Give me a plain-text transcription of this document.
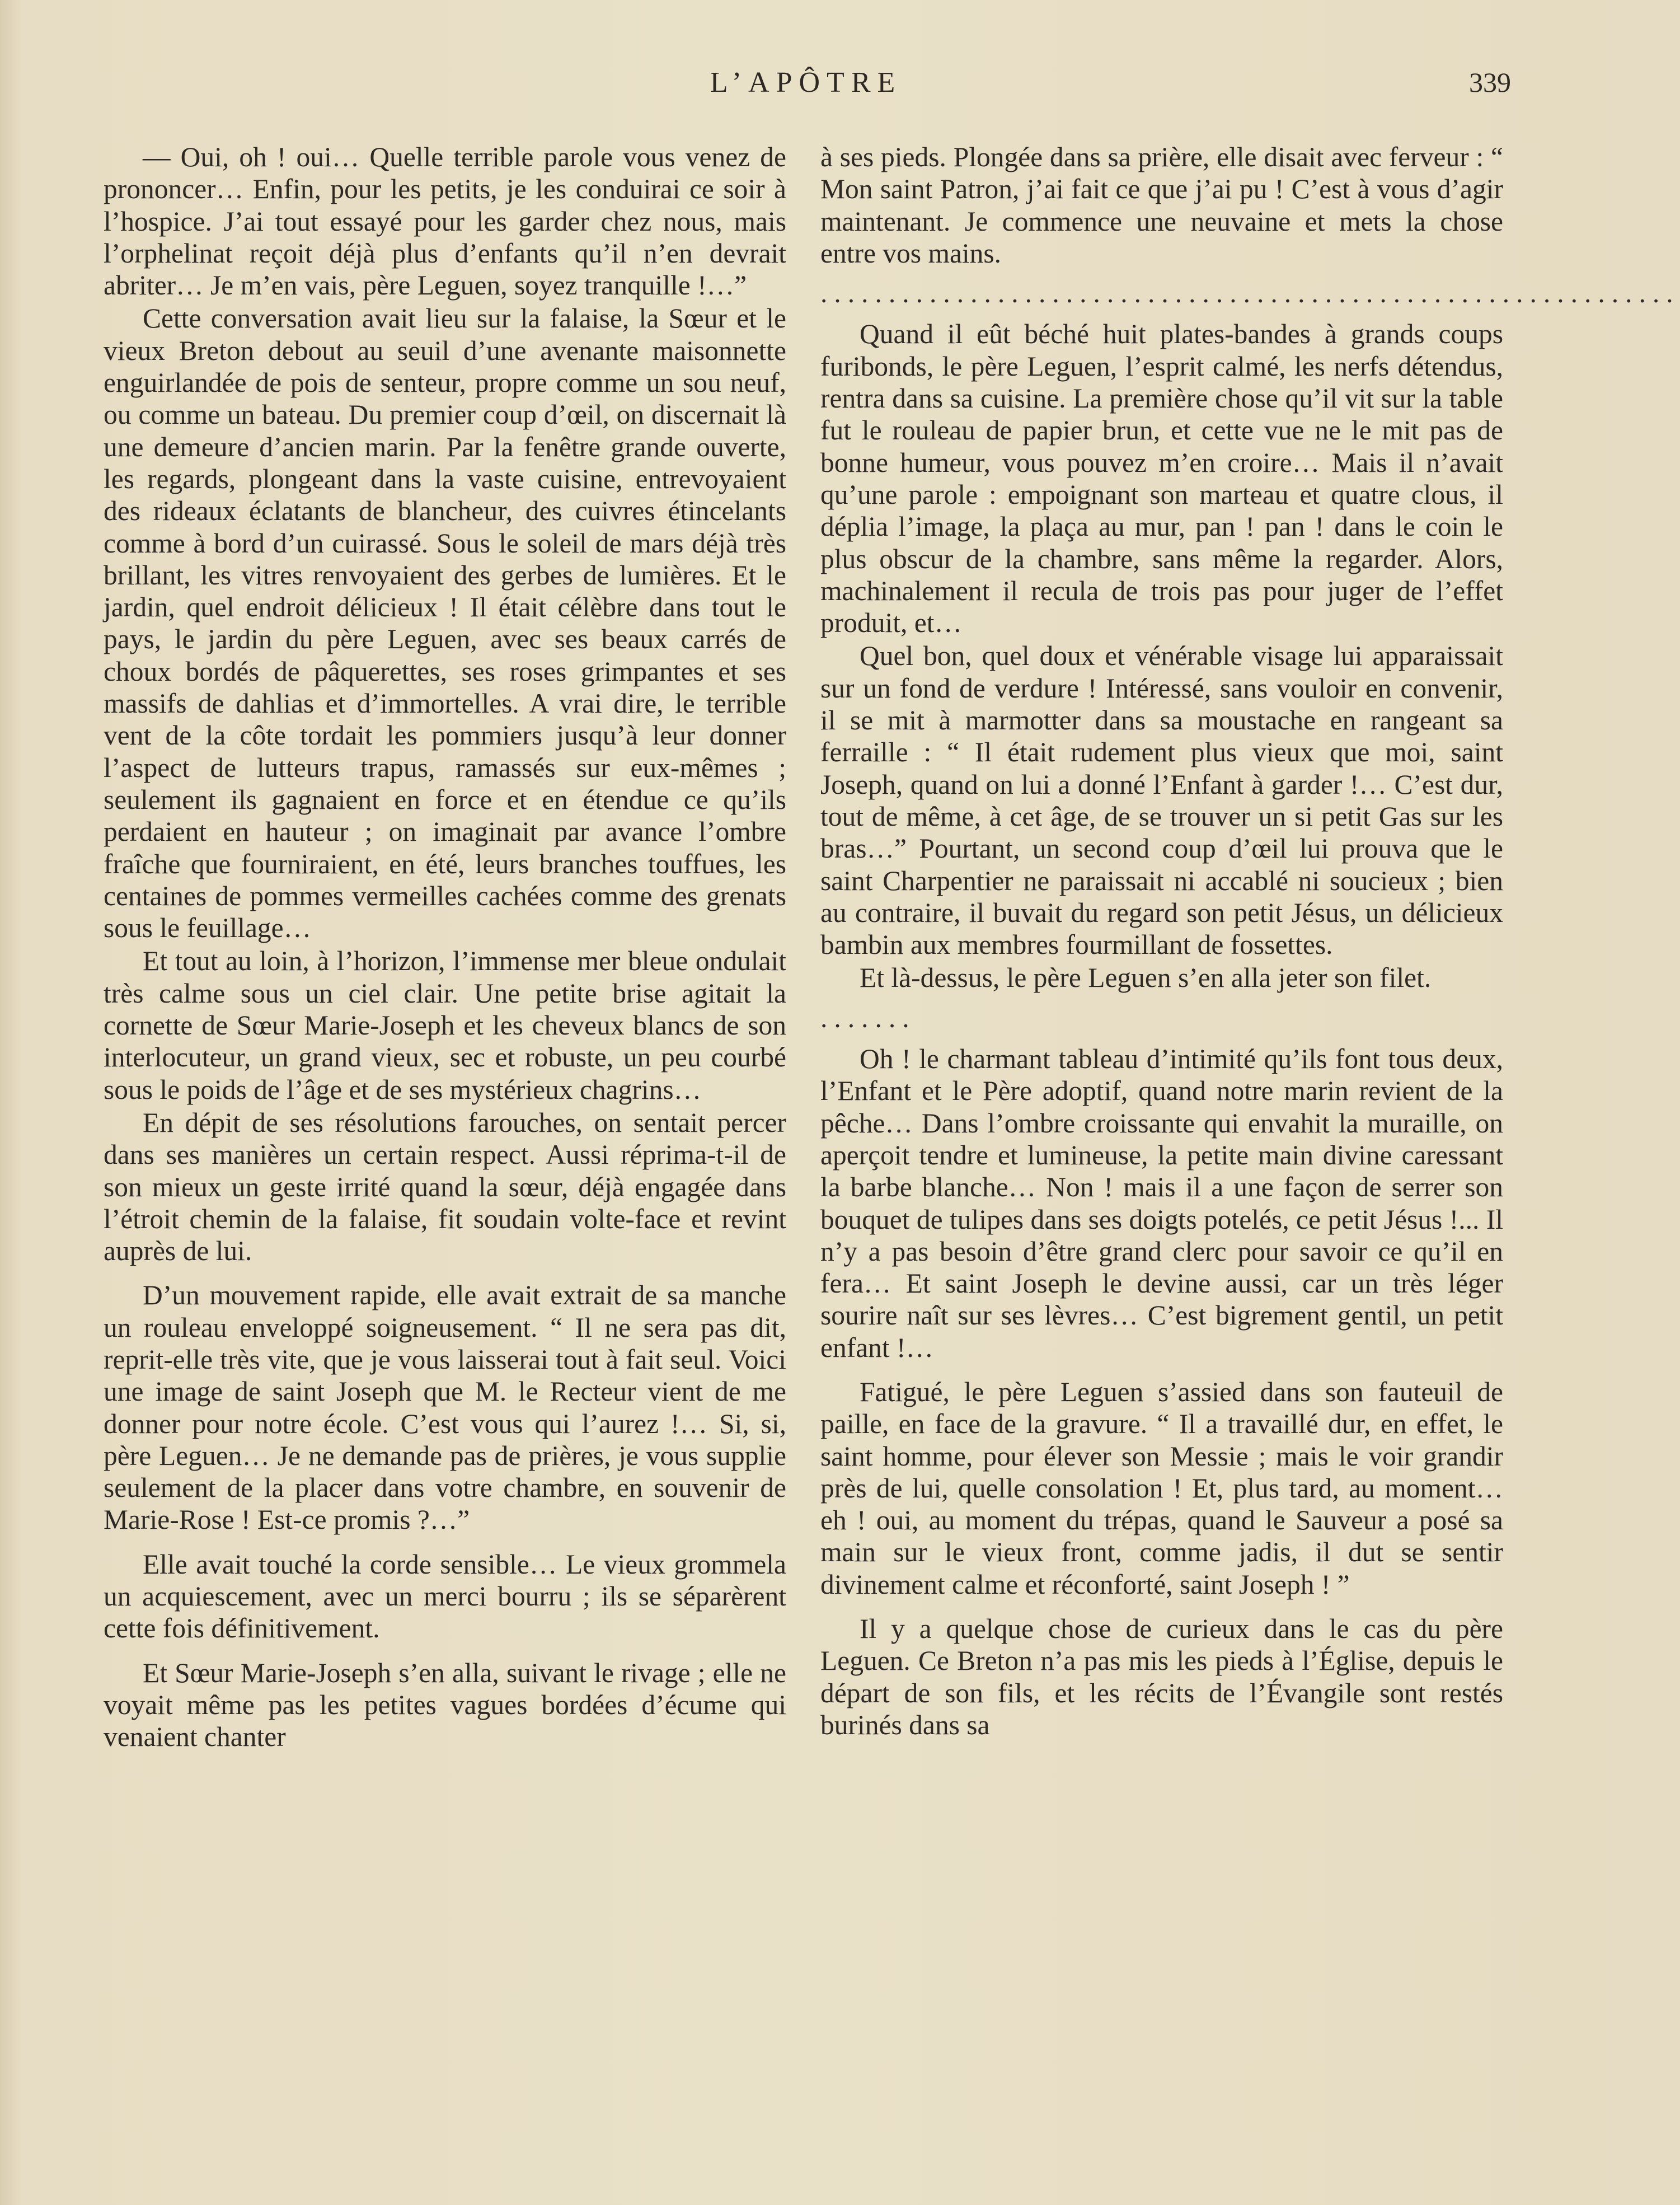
L’APÔTRE	339

— Oui, oh ! oui… Quelle terrible parole vous venez de prononcer… Enfin, pour les petits, je les conduirai ce soir à l’hospice. J’ai tout essayé pour les garder chez nous, mais l’orphelinat reçoit déjà plus d’enfants qu’il n’en devrait abriter… Je m’en vais, père Leguen, soyez tranquille !…”

Cette conversation avait lieu sur la falaise, la Sœur et le vieux Breton debout au seuil d’une avenante maisonnette enguirlandée de pois de senteur, propre comme un sou neuf, ou comme un bateau. Du premier coup d’œil, on discernait là une demeure d’ancien marin. Par la fenêtre grande ouverte, les regards, plongeant dans la vaste cuisine, entrevoyaient des rideaux éclatants de blancheur, des cuivres étincelants comme à bord d’un cuirassé. Sous le soleil de mars déjà très brillant, les vitres renvoyaient des gerbes de lumières. Et le jardin, quel endroit délicieux ! Il était célèbre dans tout le pays, le jardin du père Leguen, avec ses beaux carrés de choux bordés de pâquerettes, ses roses grimpantes et ses massifs de dahlias et d’immortelles. A vrai dire, le terrible vent de la côte tordait les pommiers jusqu’à leur donner l’aspect de lutteurs trapus, ramassés sur eux-mêmes ; seulement ils gagnaient en force et en étendue ce qu’ils perdaient en hauteur ; on imaginait par avance l’ombre fraîche que fourniraient, en été, leurs branches touffues, les centaines de pommes vermeilles cachées comme des grenats sous le feuillage…

Et tout au loin, à l’horizon, l’immense mer bleue ondulait très calme sous un ciel clair. Une petite brise agitait la cornette de Sœur Marie-Joseph et les cheveux blancs de son interlocuteur, un grand vieux, sec et robuste, un peu courbé sous le poids de l’âge et de ses mystérieux chagrins…

En dépit de ses résolutions farouches, on sentait percer dans ses manières un certain respect. Aussi réprima-t-il de son mieux un geste irrité quand la sœur, déjà engagée dans l’étroit chemin de la falaise, fit soudain volte-face et revint auprès de lui.

D’un mouvement rapide, elle avait extrait de sa manche un rouleau enveloppé soigneusement. “ Il ne sera pas dit, reprit-elle très vite, que je vous laisserai tout à fait seul. Voici une image de saint Joseph que M. le Recteur vient de me donner pour notre école. C’est vous qui l’aurez !… Si, si, père Leguen… Je ne demande pas de prières, je vous supplie seulement de la placer dans votre chambre, en souvenir de Marie-Rose ! Est-ce promis ?…”

Elle avait touché la corde sensible… Le vieux grommela un acquiescement, avec un merci bourru ; ils se séparèrent cette fois définitivement.

Et Sœur Marie-Joseph s’en alla, suivant le rivage ; elle ne voyait même pas les petites vagues bordées d’écume qui venaient chanter

à ses pieds. Plongée dans sa prière, elle disait avec ferveur : “ Mon saint Patron, j’ai fait ce que j’ai pu ! C’est à vous d’agir maintenant. Je commence une neuvaine et mets la chose entre vos mains.

...............................................................

Quand il eût béché huit plates-bandes à grands coups furibonds, le père Leguen, l’esprit calmé, les nerfs détendus, rentra dans sa cuisine. La première chose qu’il vit sur la table fut le rouleau de papier brun, et cette vue ne le mit pas de bonne humeur, vous pouvez m’en croire… Mais il n’avait qu’une parole : empoignant son marteau et quatre clous, il déplia l’image, la plaça au mur, pan ! pan ! dans le coin le plus obscur de la chambre, sans même la regarder. Alors, machinalement il recula de trois pas pour juger de l’effet produit, et…

Quel bon, quel doux et vénérable visage lui apparaissait sur un fond de verdure ! Intéressé, sans vouloir en convenir, il se mit à marmotter dans sa moustache en rangeant sa ferraille : “ Il était rudement plus vieux que moi, saint Joseph, quand on lui a donné l’Enfant à garder !… C’est dur, tout de même, à cet âge, de se trouver un si petit Gas sur les bras…” Pourtant, un second coup d’œil lui prouva que le saint Charpentier ne paraissait ni accablé ni soucieux ; bien au contraire, il buvait du regard son petit Jésus, un délicieux bambin aux membres fourmillant de fossettes.

Et là-dessus, le père Leguen s’en alla jeter son filet.

.......

Oh ! le charmant tableau d’intimité qu’ils font tous deux, l’Enfant et le Père adoptif, quand notre marin revient de la pêche… Dans l’ombre croissante qui envahit la muraille, on aperçoit tendre et lumineuse, la petite main divine caressant la barbe blanche… Non ! mais il a une façon de serrer son bouquet de tulipes dans ses doigts potelés, ce petit Jésus !... Il n’y a pas besoin d’être grand clerc pour savoir ce qu’il en fera… Et saint Joseph le devine aussi, car un très léger sourire naît sur ses lèvres… C’est bigrement gentil, un petit enfant !…

Fatigué, le père Leguen s’assied dans son fauteuil de paille, en face de la gravure. “ Il a travaillé dur, en effet, le saint homme, pour élever son Messie ; mais le voir grandir près de lui, quelle consolation ! Et, plus tard, au moment… eh ! oui, au moment du trépas, quand le Sauveur a posé sa main sur le vieux front, comme jadis, il dut se sentir divinement calme et réconforté, saint Joseph ! ”

Il y a quelque chose de curieux dans le cas du père Leguen. Ce Breton n’a pas mis les pieds à l’Église, depuis le départ de son fils, et les récits de l’Évangile sont restés burinés dans sa
